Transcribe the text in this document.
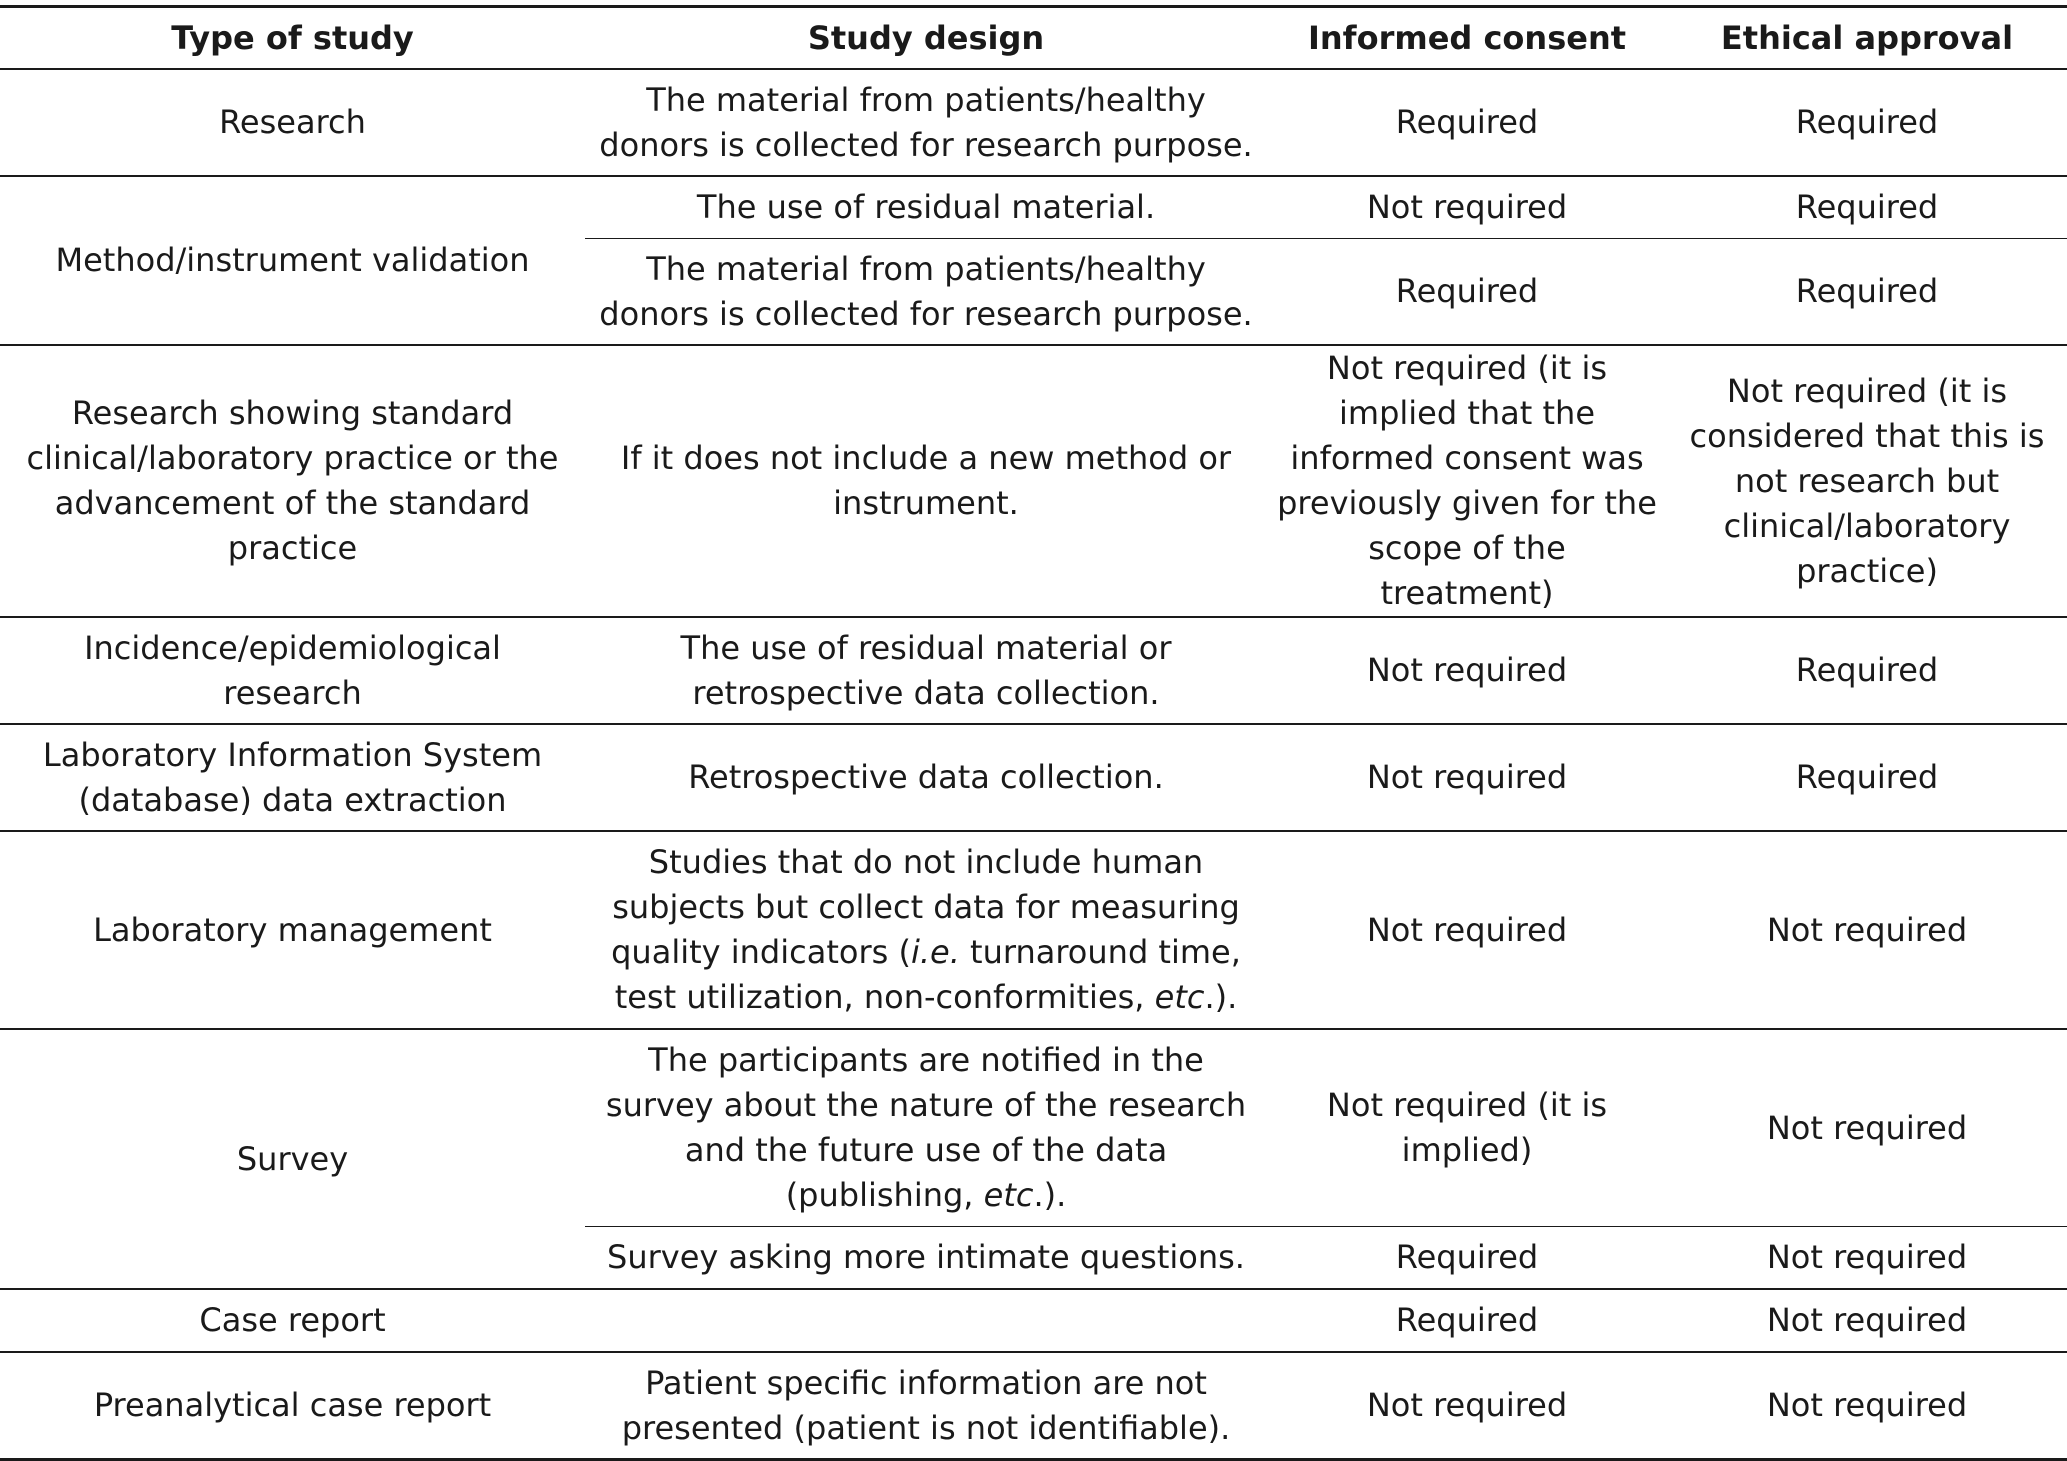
Type of study	Study design	Informed consent	Ethical approval
Research	The material from patients/healthy donors is collected for research purpose.	Required	Required
Method/instrument validation	The use of residual material.	Not required	Required
	The material from patients/healthy donors is collected for research purpose.	Required	Required
Research showing standard clinical/laboratory practice or the advancement of the standard practice	If it does not include a new method or instrument.	Not required (it is implied that the informed consent was previously given for the scope of the treatment)	Not required (it is considered that this is not research but clinical/laboratory practice)
Incidence/epidemiological research	The use of residual material or retrospective data collection.	Not required	Required
Laboratory Information System (database) data extraction	Retrospective data collection.	Not required	Required
Laboratory management	Studies that do not include human subjects but collect data for measuring quality indicators (i.e. turnaround time, test utilization, non-conformities, etc.).	Not required	Not required
Survey	The participants are notified in the survey about the nature of the research and the future use of the data (publishing, etc.).	Not required (it is implied)	Not required
	Survey asking more intimate questions.	Required	Not required
Case report		Required	Not required
Preanalytical case report	Patient specific information are not presented (patient is not identifiable).	Not required	Not required
